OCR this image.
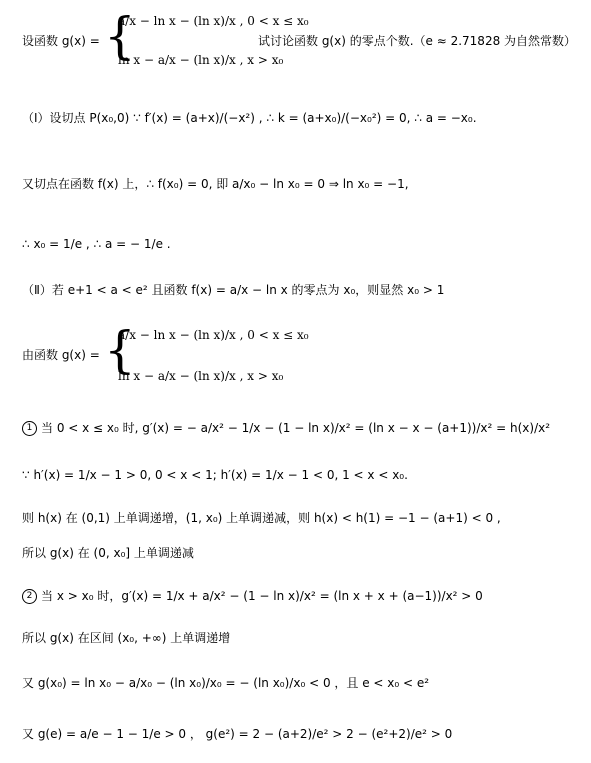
设函数 g(x) = {
a/x − ln x − (ln x)/x , 0 < x ≤ x₀
ln x − a/x − (ln x)/x , x > x₀
试讨论函数 g(x) 的零点个数.（e ≈ 2.71828 为自然常数）
（Ⅰ）设切点 P(x₀,0) ∵ f′(x) = (a+x)/(−x²) , ∴ k = (a+x₀)/(−x₀²) = 0, ∴ a = −x₀.
又切点在函数 f(x) 上，∴ f(x₀) = 0, 即 a/x₀ − ln x₀ = 0 ⇒ ln x₀ = −1,
∴ x₀ = 1/e , ∴ a = − 1/e .
（Ⅱ）若 e+1 < a < e² 且函数 f(x) = a/x − ln x 的零点为 x₀，则显然 x₀ > 1
由函数 g(x) = {
a/x − ln x − (ln x)/x , 0 < x ≤ x₀
ln x − a/x − (ln x)/x , x > x₀
1 当 0 < x ≤ x₀ 时, g′(x) = − a/x² − 1/x − (1 − ln x)/x² = (ln x − x − (a+1))/x² = h(x)/x²
∵ h′(x) = 1/x − 1 > 0, 0 < x < 1; h′(x) = 1/x − 1 < 0, 1 < x < x₀.
则 h(x) 在 (0,1) 上单调递增，(1, x₀) 上单调递减，则 h(x) < h(1) = −1 − (a+1) < 0 ,
所以 g(x) 在 (0, x₀] 上单调递减
2 当 x > x₀ 时，g′(x) = 1/x + a/x² − (1 − ln x)/x² = (ln x + x + (a−1))/x² > 0
所以 g(x) 在区间 (x₀, +∞) 上单调递增
又 g(x₀) = ln x₀ − a/x₀ − (ln x₀)/x₀ = − (ln x₀)/x₀ < 0 ，且 e < x₀ < e²
又 g(e) = a/e − 1 − 1/e > 0 ， g(e²) = 2 − (a+2)/e² > 2 − (e²+2)/e² > 0
